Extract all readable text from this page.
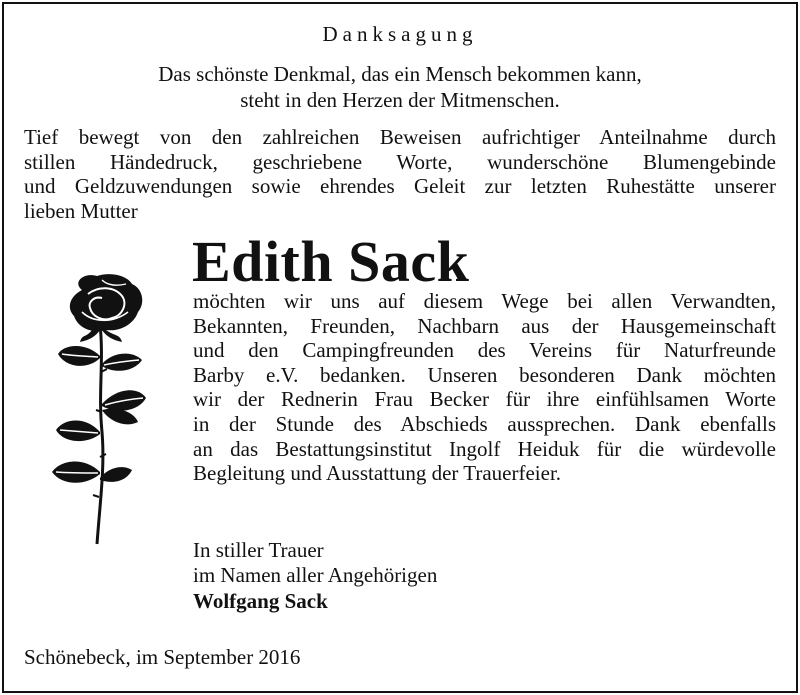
Danksagung
Das schönste Denkmal, das ein Mensch bekommen kann,
steht in den Herzen der Mitmenschen.
Tief bewegt von den zahlreichen Beweisen aufrichtiger Anteilnahme durch
stillen Händedruck, geschriebene Worte, wunderschöne Blumengebinde
und Geldzuwendungen sowie ehrendes Geleit zur letzten Ruhestätte unserer
lieben Mutter
Edith Sack
möchten wir uns auf diesem Wege bei allen Verwandten,
Bekannten, Freunden, Nachbarn aus der Hausgemeinschaft
und den Campingfreunden des Vereins für Naturfreunde
Barby e.V. bedanken. Unseren besonderen Dank möchten
wir der Rednerin Frau Becker für ihre einfühlsamen Worte
in der Stunde des Abschieds aussprechen. Dank ebenfalls
an das Bestattungsinstitut Ingolf Heiduk für die würdevolle
Begleitung und Ausstattung der Trauerfeier.
In stiller Trauer
im Namen aller Angehörigen
Wolfgang Sack
Schönebeck, im September 2016
